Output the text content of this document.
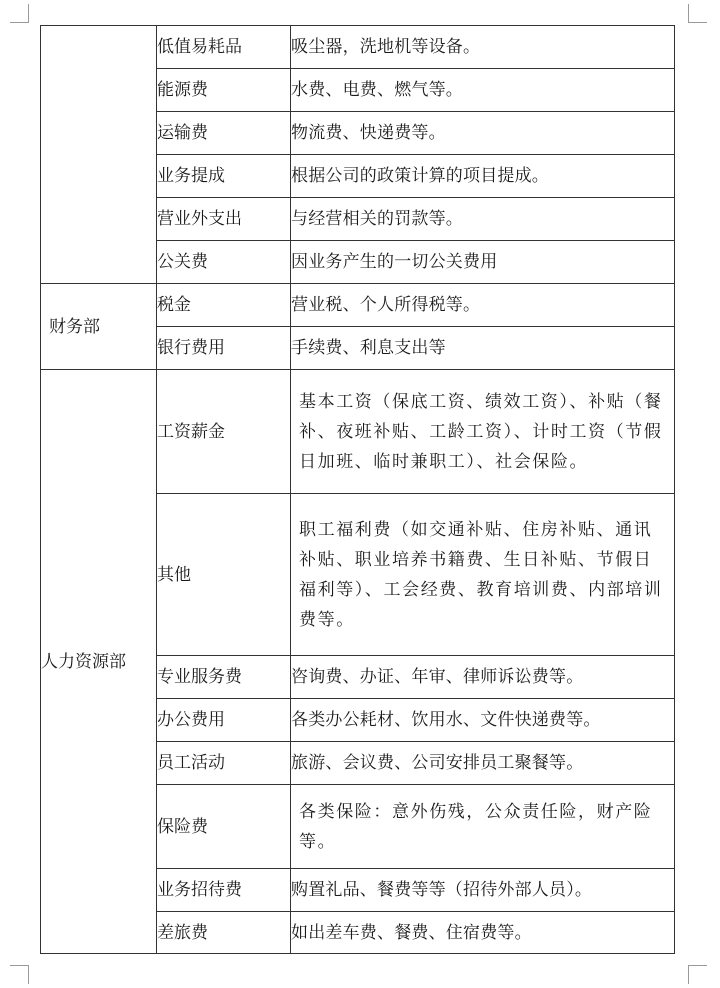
	低值易耗品	吸尘器，洗地机等设备。
	能源费	水费、电费、燃气等。
	运输费	物流费、快递费等。
	业务提成	根据公司的政策计算的项目提成。
	营业外支出	与经营相关的罚款等。
	公关费	因业务产生的一切公关费用
财务部	税金	营业税、个人所得税等。
	银行费用	手续费、利息支出等
人力资源部	工资薪金	基本工资（保底工资、绩效工资）、补贴（餐补、夜班补贴、工龄工资）、计时工资（节假日加班、临时兼职工）、社会保险。
	其他	职工福利费（如交通补贴、住房补贴、通讯补贴、职业培养书籍费、生日补贴、节假日福利等）、工会经费、教育培训费、内部培训费等。
	专业服务费	咨询费、办证、年审、律师诉讼费等。
	办公费用	各类办公耗材、饮用水、文件快递费等。
	员工活动	旅游、会议费、公司安排员工聚餐等。
	保险费	各类保险：意外伤残，公众责任险，财产险等。
	业务招待费	购置礼品、餐费等等（招待外部人员）。
	差旅费	如出差车费、餐费、住宿费等。
